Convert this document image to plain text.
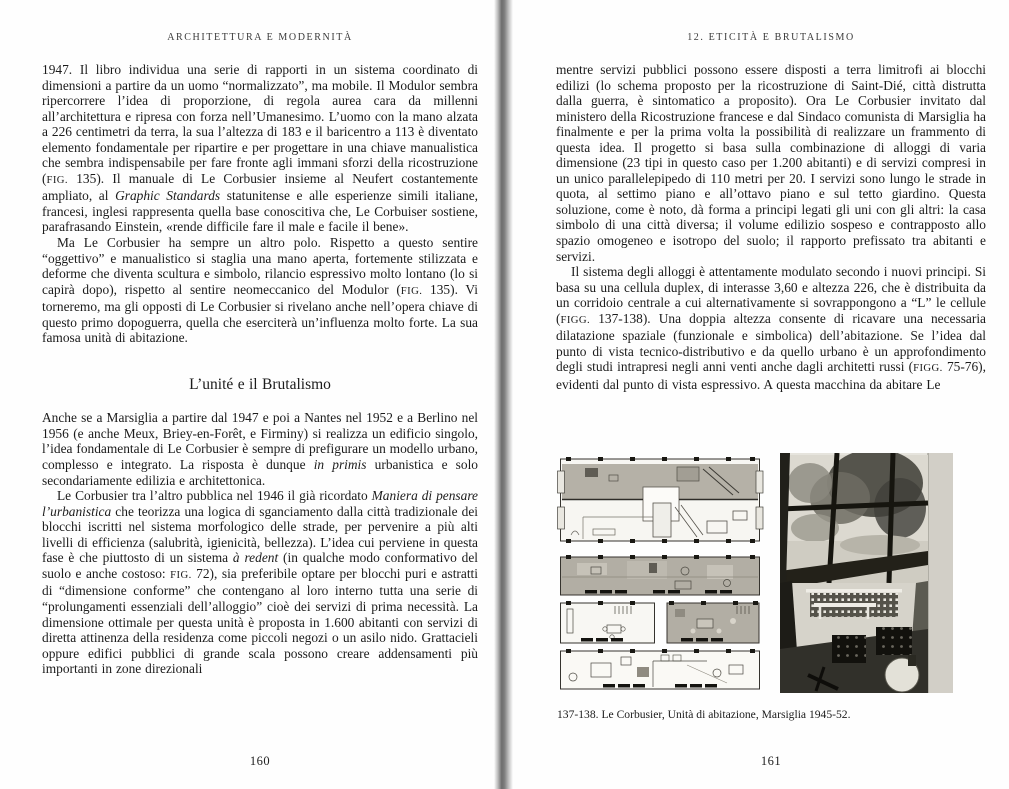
ARCHITETTURA E MODERNITÀ

1947. Il libro individua una serie di rapporti in un sistema coordinato di dimensioni a partire da un uomo “normalizzato”, ma mobile. Il Modulor sembra ripercorrere l’idea di proporzione, di regola aurea cara da millenni all’architettura e ripresa con forza nell’Umanesimo. L’uomo con la mano alzata a 226 centimetri da terra, la sua l’altezza di 183 e il baricentro a 113 è diventato elemento fondamentale per ripartire e per progettare in una chiave manualistica che sembra indispensabile per fare fronte agli immani sforzi della ricostruzione (FIG. 135). Il manuale di Le Corbusier insieme al Neufert costantemente ampliato, al Graphic Standards statunitense e alle esperienze simili italiane, francesi, inglesi rappresenta quella base conoscitiva che, Le Corbuiser sostiene, parafrasando Einstein, «rende difficile fare il male e facile il bene».

Ma Le Corbusier ha sempre un altro polo. Rispetto a questo sentire “oggettivo” e manualistico si staglia una mano aperta, fortemente stilizzata e deforme che diventa scultura e simbolo, rilancio espressivo molto lontano (lo si capirà dopo), rispetto al sentire neomeccanico del Modulor (FIG. 135). Vi torneremo, ma gli opposti di Le Corbusier si rivelano anche nell’opera chiave di questo primo dopoguerra, quella che eserciterà un’influenza molto forte. La sua famosa unità di abitazione.

L’unité e il Brutalismo

Anche se a Marsiglia a partire dal 1947 e poi a Nantes nel 1952 e a Berlino nel 1956 (e anche Meux, Briey-en-Forêt, e Firminy) si realizza un edificio singolo, l’idea fondamentale di Le Corbusier è sempre di prefigurare un modello urbano, complesso e integrato. La risposta è dunque in primis urbanistica e solo secondariamente edilizia e architettonica.

Le Corbusier tra l’altro pubblica nel 1946 il già ricordato Maniera di pensare l’urbanistica che teorizza una logica di sganciamento dalla città tradizionale dei blocchi iscritti nel sistema morfologico delle strade, per pervenire a più alti livelli di efficienza (salubrità, igienicità, bellezza). L’idea cui perviene in questa fase è che piuttosto di un sistema à redent (in qualche modo conformativo del suolo e anche costoso: FIG. 72), sia preferibile optare per blocchi puri e astratti di “dimensione conforme” che contengano al loro interno tutta una serie di “prolungamenti essenziali dell’alloggio” cioè dei servizi di prima necessità. La dimensione ottimale per questa unità è proposta in 1.600 abitanti con servizi di diretta attinenza della residenza come piccoli negozi o un asilo nido. Grattacieli oppure edifici pubblici di grande scala possono creare addensamenti più importanti in zone direzionali

160
12. ETICITÀ E BRUTALISMO

mentre servizi pubblici possono essere disposti a terra limitrofi ai blocchi edilizi (lo schema proposto per la ricostruzione di Saint-Dié, città distrutta dalla guerra, è sintomatico a proposito). Ora Le Corbusier invitato dal ministero della Ricostruzione francese e dal Sindaco comunista di Marsiglia ha finalmente e per la prima volta la possibilità di realizzare un frammento di questa idea. Il progetto si basa sulla combinazione di alloggi di varia dimensione (23 tipi in questo caso per 1.200 abitanti) e di servizi compresi in un unico parallelepipedo di 110 metri per 20. I servizi sono lungo le strade in quota, al settimo piano e all’ottavo piano e sul tetto giardino. Questa soluzione, come è noto, dà forma a principi legati gli uni con gli altri: la casa simbolo di una città diversa; il volume edilizio sospeso e contrapposto allo spazio omogeneo e isotropo del suolo; il rapporto prefissato tra abitanti e servizi.

Il sistema degli alloggi è attentamente modulato secondo i nuovi principi. Si basa su una cellula duplex, di interasse 3,60 e altezza 226, che è distribuita da un corridoio centrale a cui alternativamente si sovrappongono a “L” le cellule (FIGG. 137-138). Una doppia altezza consente di ricavare una necessaria dilatazione spaziale (funzionale e simbolica) dell’abitazione. Se l’idea dal punto di vista tecnico-distributivo e da quello urbano è un approfondimento degli studi intrapresi negli anni venti anche dagli architetti russi (FIGG. 75-76), evidenti dal punto di vista espressivo. A questa macchina da abitare Le

137-138. Le Corbusier, Unità di abitazione, Marsiglia 1945-52.
161
